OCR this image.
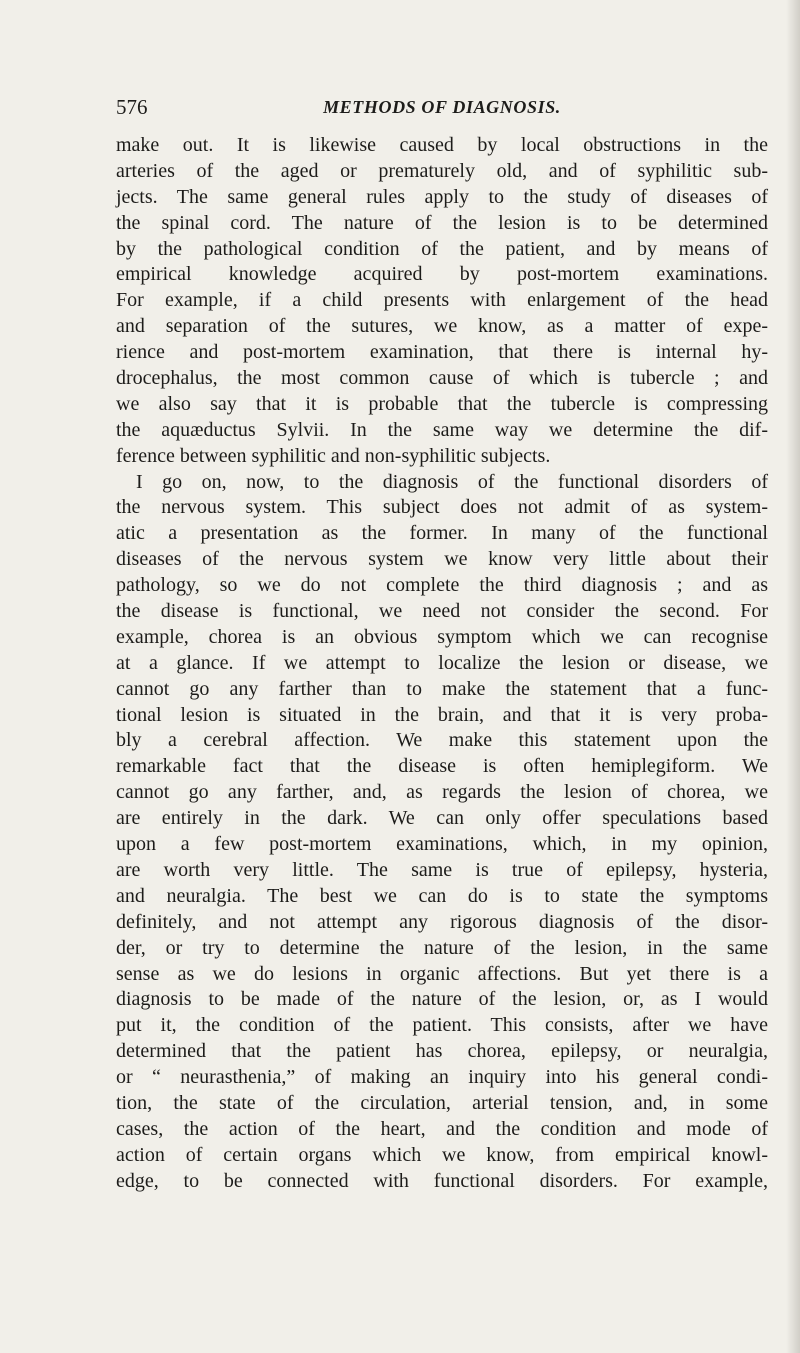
576	METHODS OF DIAGNOSIS.
make out. It is likewise caused by local obstructions in the
arteries of the aged or prematurely old, and of syphilitic sub-
jects. The same general rules apply to the study of diseases of
the spinal cord. The nature of the lesion is to be determined
by the pathological condition of the patient, and by means of
empirical knowledge acquired by post-mortem examinations.
For example, if a child presents with enlargement of the head
and separation of the sutures, we know, as a matter of expe-
rience and post-mortem examination, that there is internal hy-
drocephalus, the most common cause of which is tubercle ; and
we also say that it is probable that the tubercle is compressing
the aquæductus Sylvii. In the same way we determine the dif-
ference between syphilitic and non-syphilitic subjects.
I go on, now, to the diagnosis of the functional disorders of
the nervous system. This subject does not admit of as system-
atic a presentation as the former. In many of the functional
diseases of the nervous system we know very little about their
pathology, so we do not complete the third diagnosis ; and as
the disease is functional, we need not consider the second. For
example, chorea is an obvious symptom which we can recognise
at a glance. If we attempt to localize the lesion or disease, we
cannot go any farther than to make the statement that a func-
tional lesion is situated in the brain, and that it is very proba-
bly a cerebral affection. We make this statement upon the
remarkable fact that the disease is often hemiplegiform. We
cannot go any farther, and, as regards the lesion of chorea, we
are entirely in the dark. We can only offer speculations based
upon a few post-mortem examinations, which, in my opinion,
are worth very little. The same is true of epilepsy, hysteria,
and neuralgia. The best we can do is to state the symptoms
definitely, and not attempt any rigorous diagnosis of the disor-
der, or try to determine the nature of the lesion, in the same
sense as we do lesions in organic affections. But yet there is a
diagnosis to be made of the nature of the lesion, or, as I would
put it, the condition of the patient. This consists, after we have
determined that the patient has chorea, epilepsy, or neuralgia,
or “ neurasthenia,” of making an inquiry into his general condi-
tion, the state of the circulation, arterial tension, and, in some
cases, the action of the heart, and the condition and mode of
action of certain organs which we know, from empirical knowl-
edge, to be connected with functional disorders. For example,
